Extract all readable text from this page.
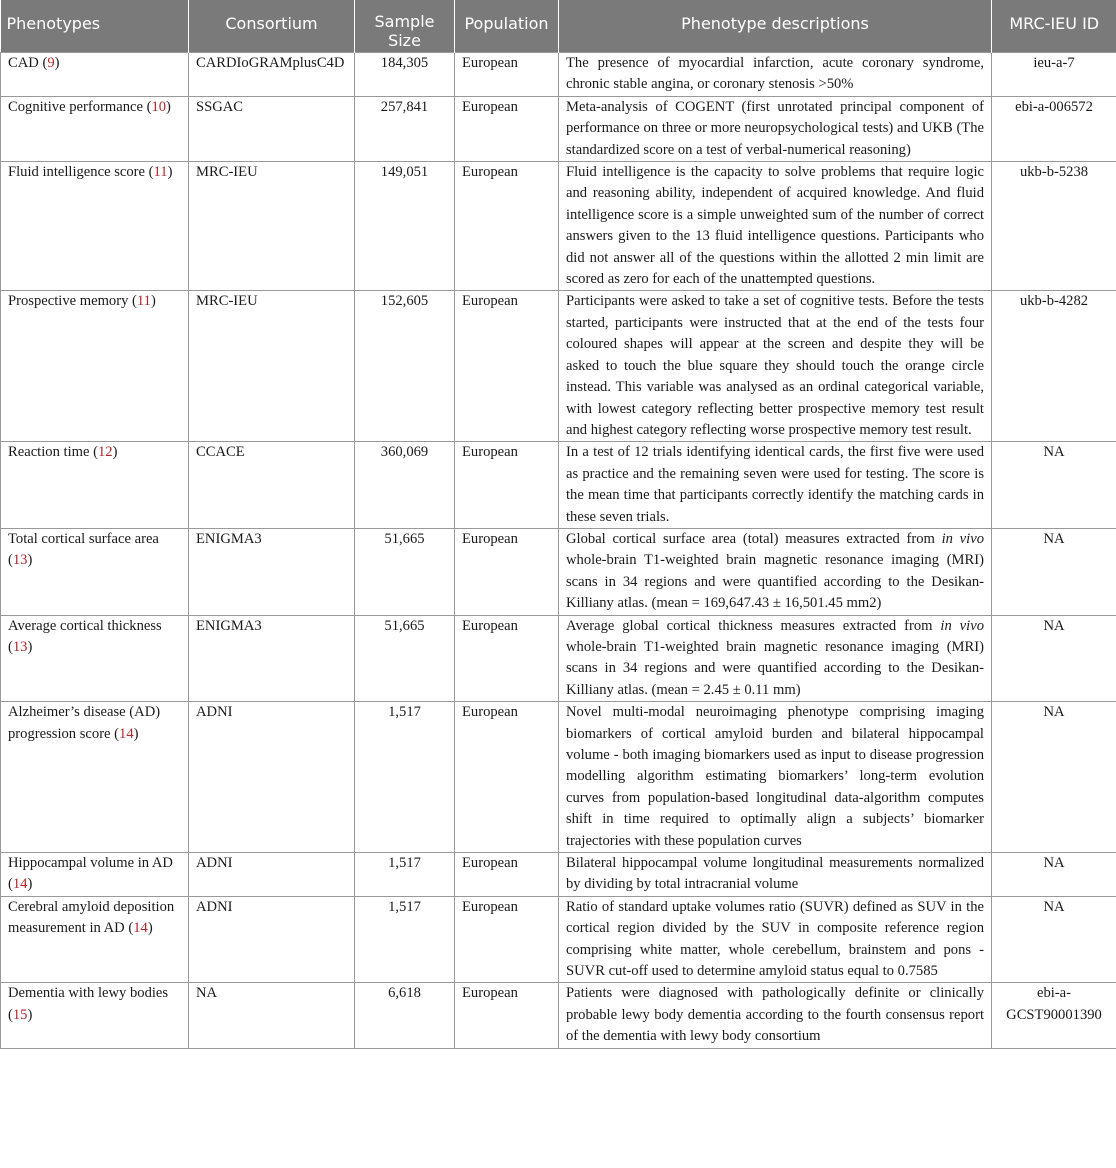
Phenotypes	Consortium	Sample Size	Population	Phenotype descriptions	MRC-IEU ID
CAD (9)	CARDIoGRAMplusC4D	184,305	European	The presence of myocardial infarction, acute coronary syndrome, chronic stable angina, or coronary stenosis >50%	ieu-a-7
Cognitive performance (10)	SSGAC	257,841	European	Meta-analysis of COGENT (first unrotated principal component of performance on three or more neuropsychological tests) and UKB (The standardized score on a test of verbal-numerical reasoning)	ebi-a-006572
Fluid intelligence score (11)	MRC-IEU	149,051	European	Fluid intelligence is the capacity to solve problems that require logic and reasoning ability, independent of acquired knowledge. And fluid intelligence score is a simple unweighted sum of the number of correct answers given to the 13 fluid intelligence questions. Participants who did not answer all of the questions within the allotted 2 min limit are scored as zero for each of the unattempted questions.	ukb-b-5238
Prospective memory (11)	MRC-IEU	152,605	European	Participants were asked to take a set of cognitive tests. Before the tests started, participants were instructed that at the end of the tests four coloured shapes will appear at the screen and despite they will be asked to touch the blue square they should touch the orange circle instead. This variable was analysed as an ordinal categorical variable, with lowest category reflecting better prospective memory test result and highest category reflecting worse prospective memory test result.	ukb-b-4282
Reaction time (12)	CCACE	360,069	European	In a test of 12 trials identifying identical cards, the first five were used as practice and the remaining seven were used for testing. The score is the mean time that participants correctly identify the matching cards in these seven trials.	NA
Total cortical surface area (13)	ENIGMA3	51,665	European	Global cortical surface area (total) measures extracted from in vivo whole-brain T1-weighted brain magnetic resonance imaging (MRI) scans in 34 regions and were quantified according to the Desikan-Killiany atlas. (mean = 169,647.43 ± 16,501.45 mm2)	NA
Average cortical thickness (13)	ENIGMA3	51,665	European	Average global cortical thickness measures extracted from in vivo whole-brain T1-weighted brain magnetic resonance imaging (MRI) scans in 34 regions and were quantified according to the Desikan-Killiany atlas. (mean = 2.45 ± 0.11 mm)	NA
Alzheimer’s disease (AD) progression score (14)	ADNI	1,517	European	Novel multi-modal neuroimaging phenotype comprising imaging biomarkers of cortical amyloid burden and bilateral hippocampal volume - both imaging biomarkers used as input to disease progression modelling algorithm estimating biomarkers’ long-term evolution curves from population-based longitudinal data-algorithm computes shift in time required to optimally align a subjects’ biomarker trajectories with these population curves	NA
Hippocampal volume in AD (14)	ADNI	1,517	European	Bilateral hippocampal volume longitudinal measurements normalized by dividing by total intracranial volume	NA
Cerebral amyloid deposition measurement in AD (14)	ADNI	1,517	European	Ratio of standard uptake volumes ratio (SUVR) defined as SUV in the cortical region divided by the SUV in composite reference region comprising white matter, whole cerebellum, brainstem and pons -SUVR cut-off used to determine amyloid status equal to 0.7585	NA
Dementia with lewy bodies (15)	NA	6,618	European	Patients were diagnosed with pathologically definite or clinically probable lewy body dementia according to the fourth consensus report of the dementia with lewy body consortium	ebi-a-GCST90001390
